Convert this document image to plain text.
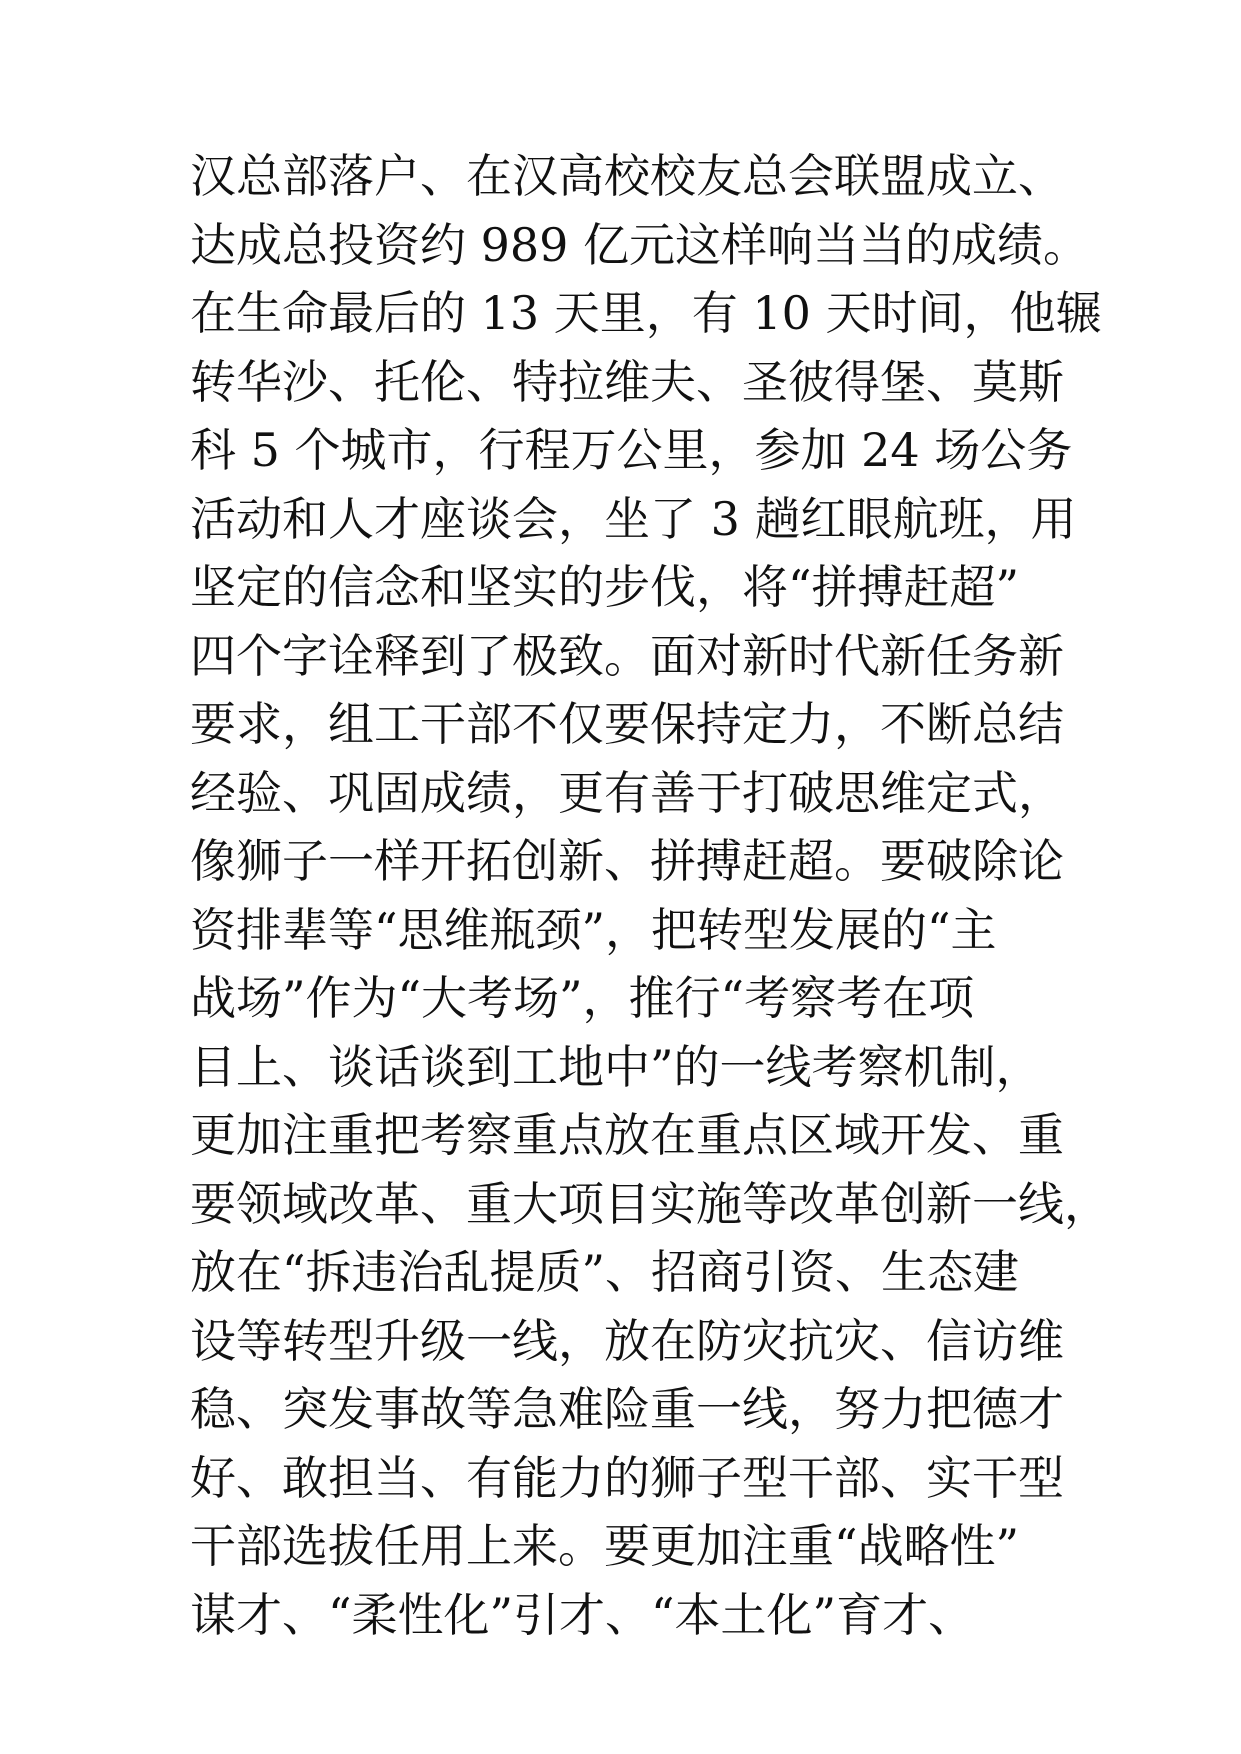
汉总部落户、在汉高校校友总会联盟成立、
达成总投资约 989 亿元这样响当当的成绩。
在生命最后的 13 天里，有 10 天时间，他辗
转华沙、托伦、特拉维夫、圣彼得堡、莫斯
科 5 个城市，行程万公里，参加 24 场公务
活动和人才座谈会，坐了 3 趟红眼航班，用
坚定的信念和坚实的步伐，将“拼搏赶超”
四个字诠释到了极致。面对新时代新任务新
要求，组工干部不仅要保持定力，不断总结
经验、巩固成绩，更有善于打破思维定式，
像狮子一样开拓创新、拼搏赶超。要破除论
资排辈等“思维瓶颈”，把转型发展的“主
战场”作为“大考场”，推行“考察考在项
目上、谈话谈到工地中”的一线考察机制，
更加注重把考察重点放在重点区域开发、重
要领域改革、重大项目实施等改革创新一线，
放在“拆违治乱提质”、招商引资、生态建
设等转型升级一线，放在防灾抗灾、信访维
稳、突发事故等急难险重一线，努力把德才
好、敢担当、有能力的狮子型干部、实干型
干部选拔任用上来。要更加注重“战略性”
谋才、“柔性化”引才、“本土化”育才、
